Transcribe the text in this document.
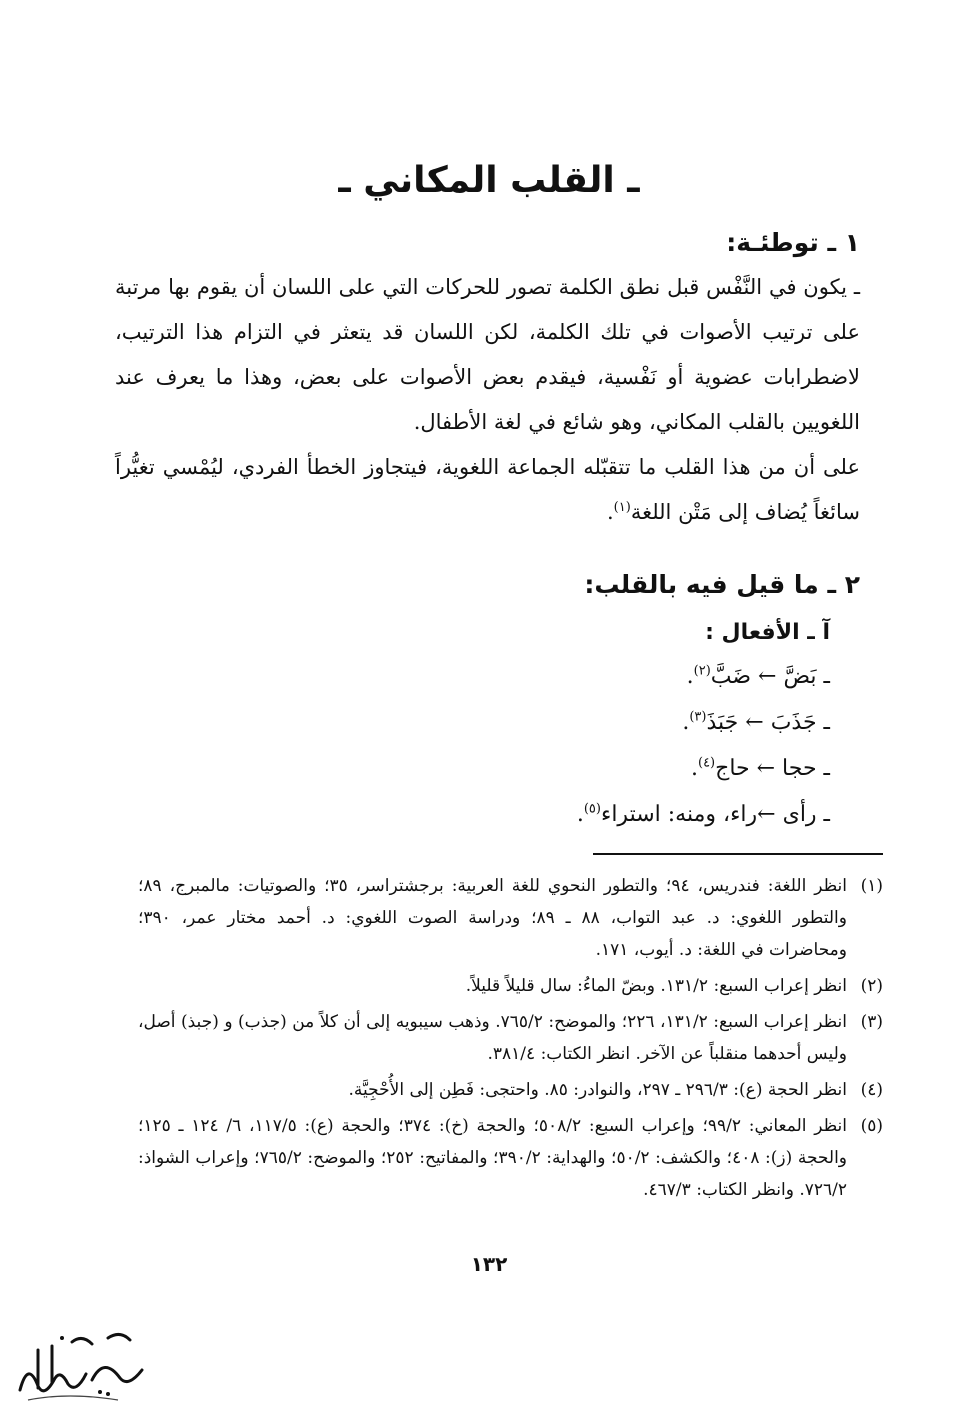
ـ القلب المكاني ـ
١ ـ توطئـة:

ـ يكون في النَّفْس قبل نطق الكلمة تصور للحركات التي على اللسان أن يقوم بها مرتبة على ترتيب الأصوات في تلك الكلمة، لكن اللسان قد يتعثر في التزام هذا الترتيب، لاضطرابات عضوية أو نَفْسية، فيقدم بعض الأصوات على بعض، وهذا ما يعرف عند اللغويين بالقلب المكاني، وهو شائع في لغة الأطفال.

على أن من هذا القلب ما تتقبّله الجماعة اللغوية، فيتجاوز الخطأ الفردي، ليُمْسي تغيُّراً سائغاً يُضاف إلى مَتْن اللغة$^{(١)}$.

٢ ـ ما قيل فيه بالقلب:
آ ـ الأفعال :
ـ بَضَّ ← ضَبَّ$^{(٢)}$.
ـ جَذَبَ ← جَبَذَ$^{(٣)}$.
ـ حجا ← حاج$^{(٤)}$.
ـ رأى ←راء، ومنه: استراء$^{(٥)}$.
(١)
انظر اللغة: فندريس، ٩٤؛ والتطور النحوي للغة العربية: برجشتراسر، ٣٥؛ والصوتيات: مالمبرج، ٨٩؛ والتطور اللغوي: د. عبد التواب، ٨٨ ـ ٨٩؛ ودراسة الصوت اللغوي: د. أحمد مختار عمر، ٣٩٠؛ ومحاضرات في اللغة: د. أيوب، ١٧١.
(٢)
انظر إعراب السبع: ١٣١/٢. وبضّ الماءُ: سال قليلاً قليلاً.
(٣)
انظر إعراب السبع: ١٣١/٢، ٢٢٦؛ والموضح: ٧٦٥/٢. وذهب سيبويه إلى أن كلاً من (جذب) و (جبذ) أصل، وليس أحدهما منقلباً عن الآخر. انظر الكتاب: ٣٨١/٤.
(٤)
انظر الحجة (ع): ٢٩٦/٣ ـ ٢٩٧، والنوادر: ٨٥. واحتجى: فَطِن إلى الأُحْجِيَّة.
(٥)
انظر المعاني: ٩٩/٢؛ وإعراب السبع: ٥٠٨/٢؛ والحجة (خ): ٣٧٤؛ والحجة (ع): ١١٧/٥، ٦/ ١٢٤ ـ ١٢٥؛ والحجة (ز): ٤٠٨؛ والكشف: ٥٠/٢؛ والهداية: ٣٩٠/٢؛ والمفاتيح: ٢٥٢؛ والموضح: ٧٦٥/٢؛ وإعراب الشواذ: ٧٢٦/٢. وانظر الكتاب: ٤٦٧/٣.
١٣٢
